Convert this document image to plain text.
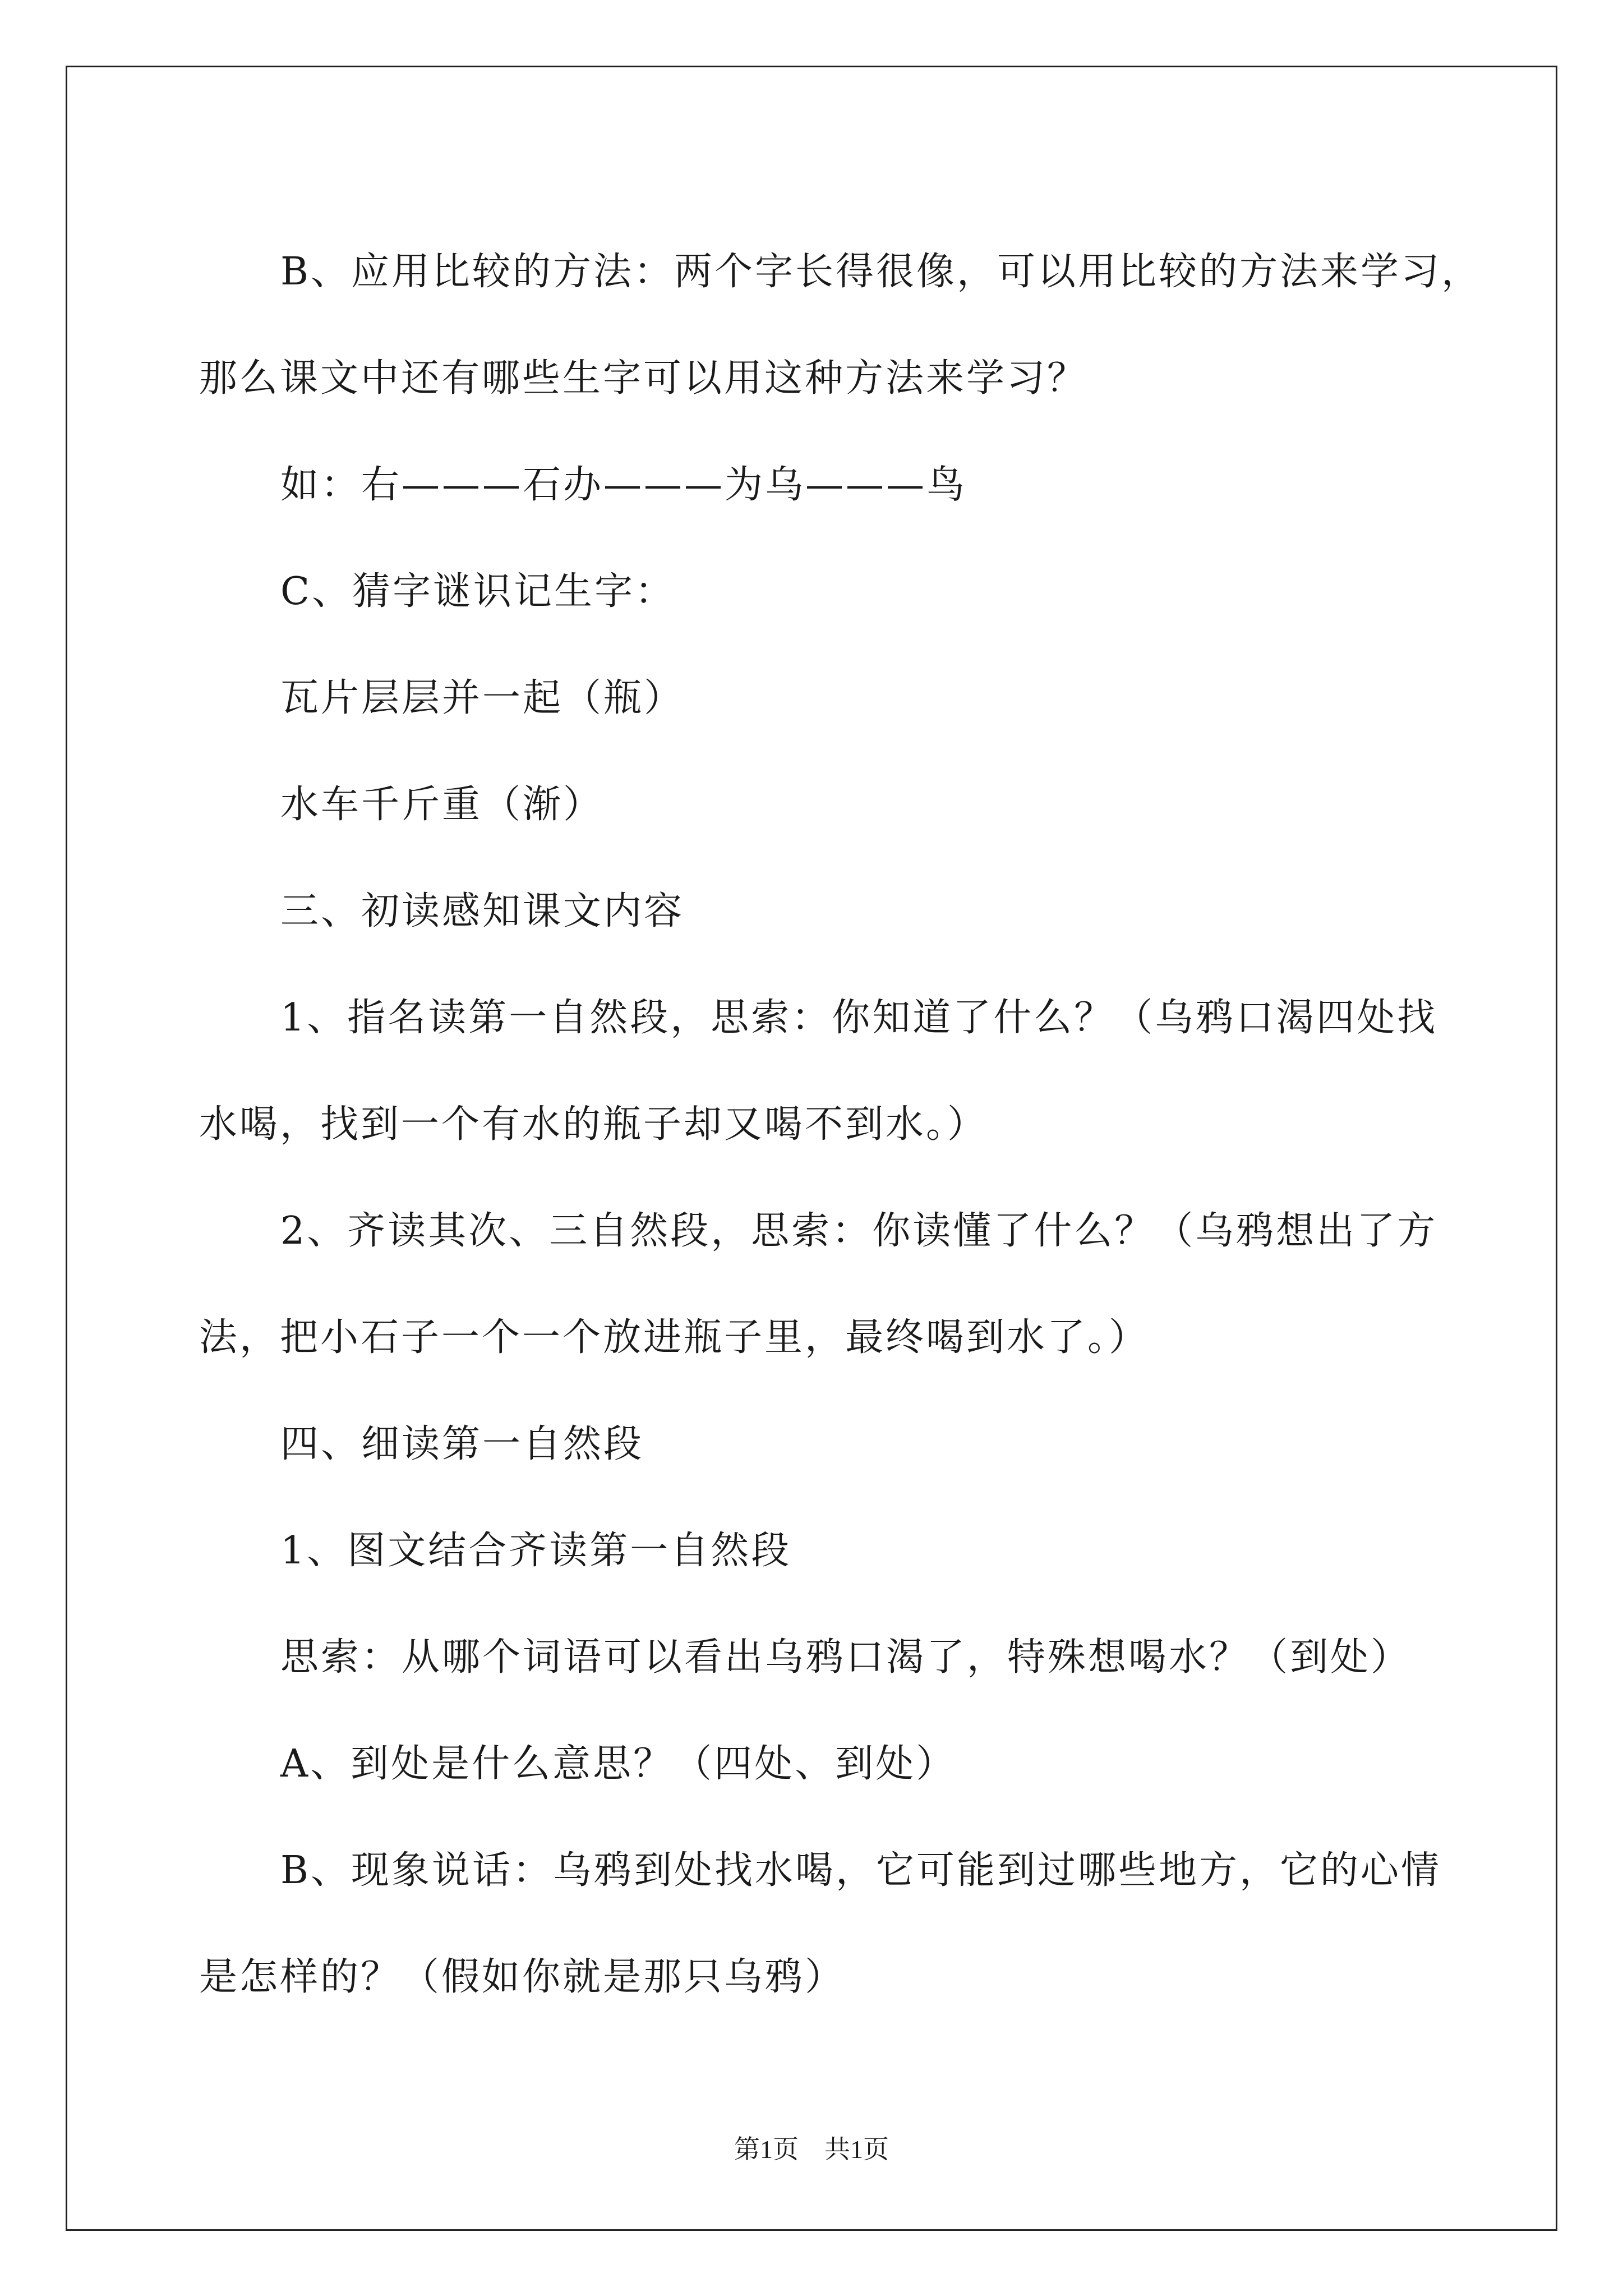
B、应用比较的方法：两个字长得很像，可以用比较的方法来学习，
那么课文中还有哪些生字可以用这种方法来学习？

如：右———石办———为乌———鸟

C、猜字谜识记生字：

瓦片层层并一起（瓶）

水车千斤重（渐）

三、初读感知课文内容

1、指名读第一自然段，思索：你知道了什么？（乌鸦口渴四处找
水喝，找到一个有水的瓶子却又喝不到水。）

2、齐读其次、三自然段，思索：你读懂了什么？（乌鸦想出了方
法，把小石子一个一个放进瓶子里，最终喝到水了。）

四、细读第一自然段

1、图文结合齐读第一自然段

思索：从哪个词语可以看出乌鸦口渴了，特殊想喝水？（到处）

A、到处是什么意思？（四处、到处）

B、现象说话：乌鸦到处找水喝，它可能到过哪些地方，它的心情
是怎样的？（假如你就是那只乌鸦）

第1页　共1页
